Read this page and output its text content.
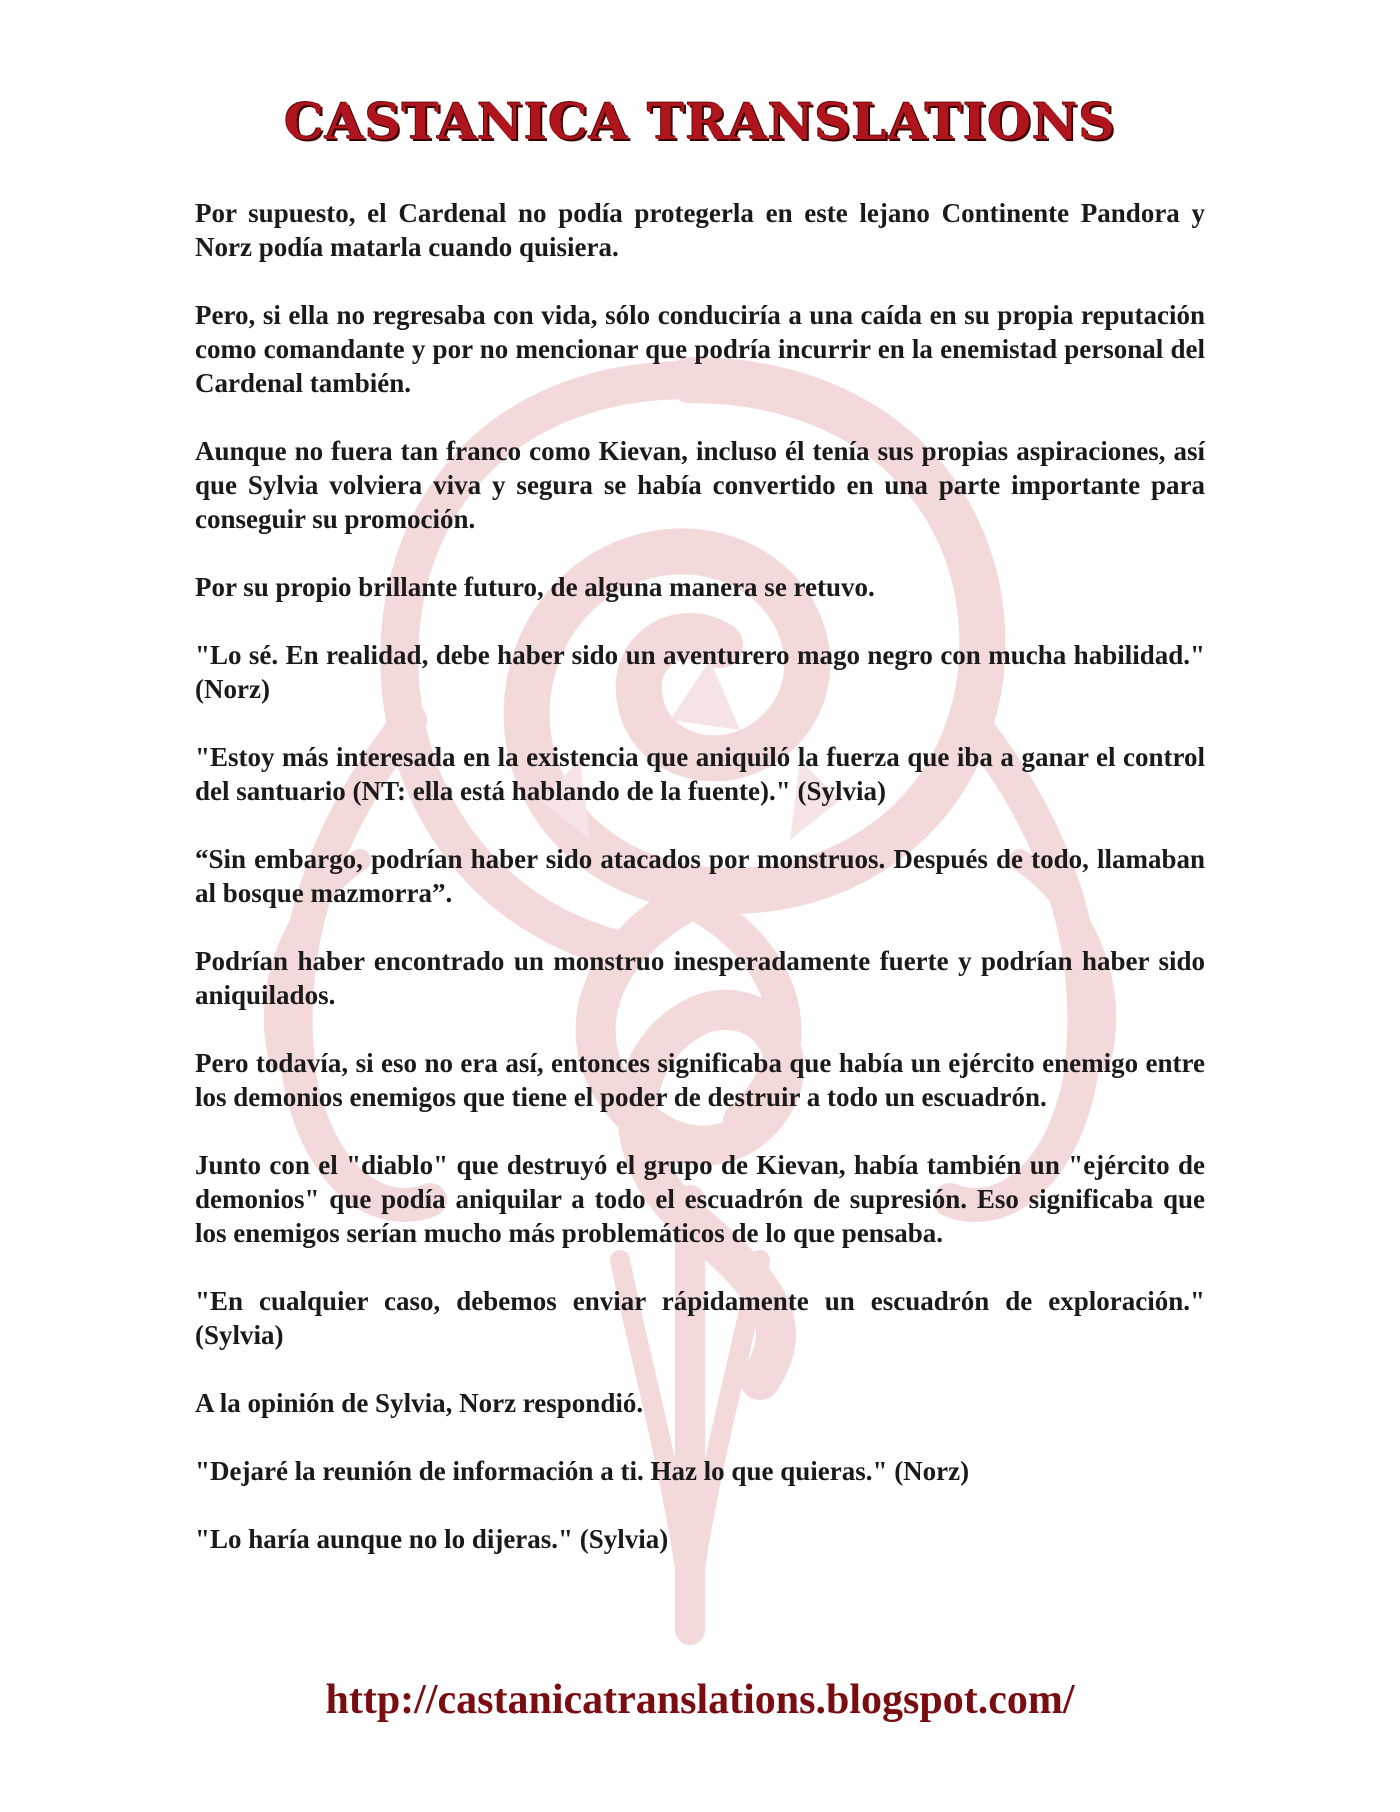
CASTANICA TRANSLATIONS

Por supuesto, el Cardenal no podía protegerla en este lejano Continente Pandora y Norz podía matarla cuando quisiera.

Pero, si ella no regresaba con vida, sólo conduciría a una caída en su propia reputación como comandante y por no mencionar que podría incurrir en la enemistad personal del Cardenal también.

Aunque no fuera tan franco como Kievan, incluso él tenía sus propias aspiraciones, así que Sylvia volviera viva y segura se había convertido en una parte importante para conseguir su promoción.

Por su propio brillante futuro, de alguna manera se retuvo.

"Lo sé. En realidad, debe haber sido un aventurero mago negro con mucha habilidad." (Norz)

"Estoy más interesada en la existencia que aniquiló la fuerza que iba a ganar el control del santuario (NT: ella está hablando de la fuente)." (Sylvia)

“Sin embargo, podrían haber sido atacados por monstruos. Después de todo, llamaban al bosque mazmorra”.

Podrían haber encontrado un monstruo inesperadamente fuerte y podrían haber sido aniquilados.

Pero todavía, si eso no era así, entonces significaba que había un ejército enemigo entre los demonios enemigos que tiene el poder de destruir a todo un escuadrón.

Junto con el "diablo" que destruyó el grupo de Kievan, había también un "ejército de demonios" que podía aniquilar a todo el escuadrón de supresión. Eso significaba que los enemigos serían mucho más problemáticos de lo que pensaba.

"En cualquier caso, debemos enviar rápidamente un escuadrón de exploración." (Sylvia)

A la opinión de Sylvia, Norz respondió.

"Dejaré la reunión de información a ti. Haz lo que quieras." (Norz)

"Lo haría aunque no lo dijeras." (Sylvia)

http://castanicatranslations.blogspot.com/
